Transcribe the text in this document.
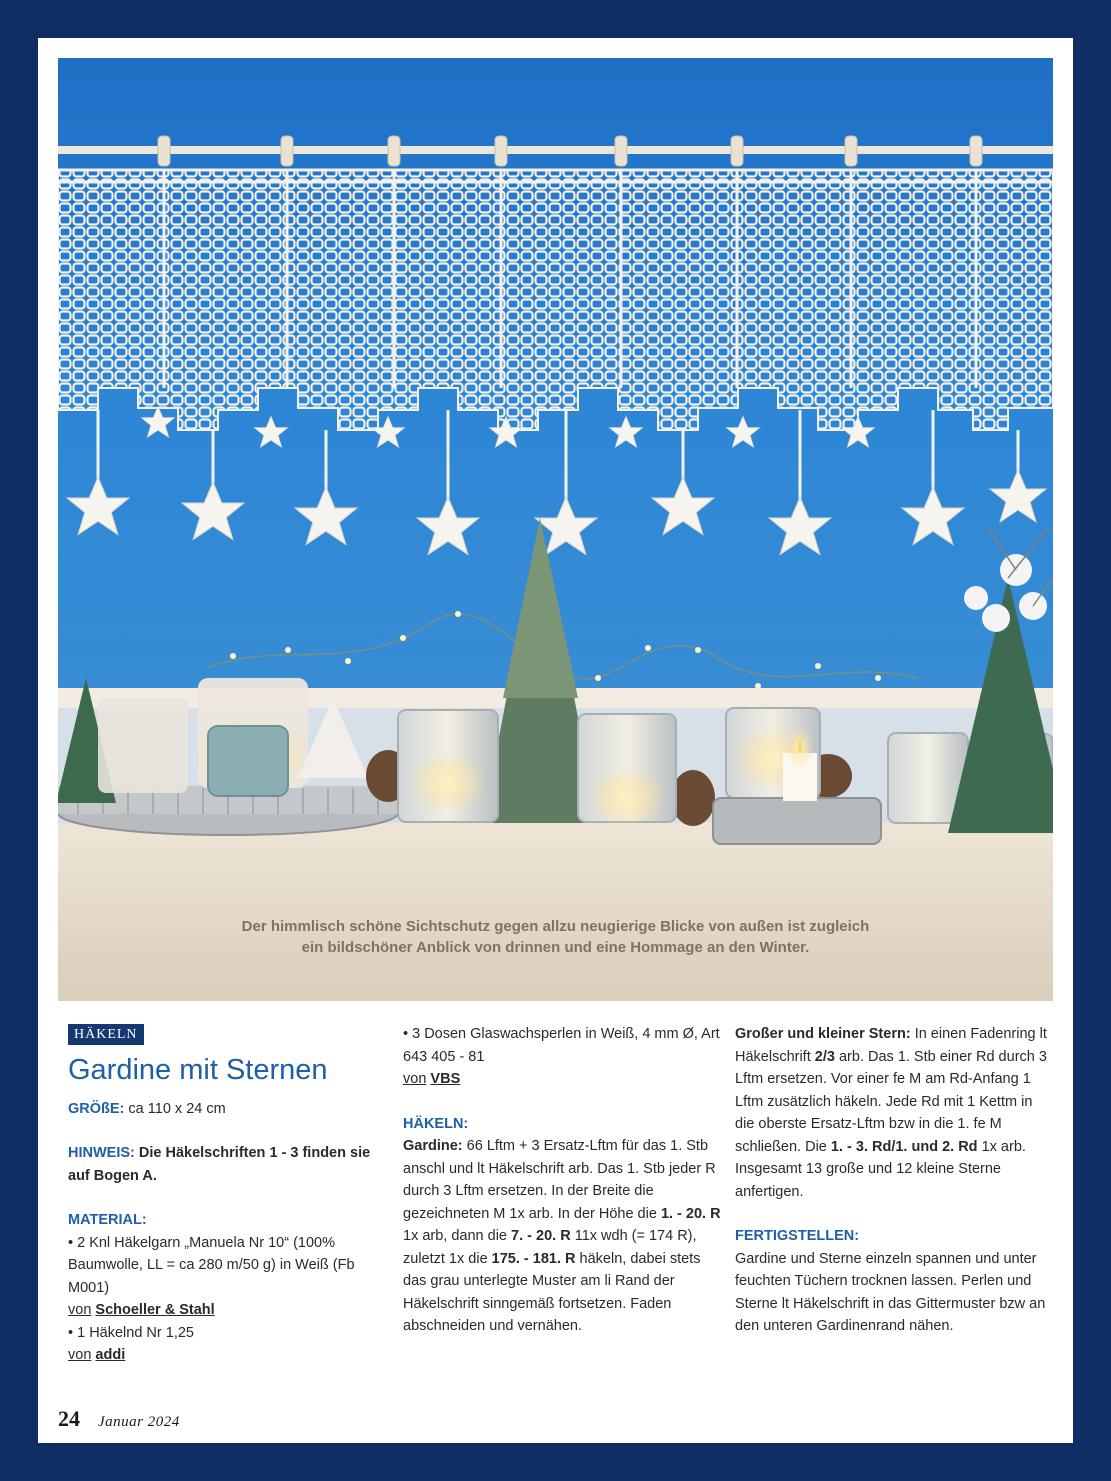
Der himmlisch schöne Sichtschutz gegen allzu neugierige Blicke von außen ist zugleich
ein bildschöner Anblick von drinnen und eine Hommage an den Winter.
HÄKELN
Gardine mit Sternen

GRÖßE: ca 110 x 24 cm

HINWEIS: Die Häkelschriften 1 - 3 finden sie auf Bogen A.

MATERIAL:

• 2 Knl Häkelgarn „Manuela Nr 10“ (100% Baumwolle, LL = ca 280 m/50 g) in Weiß (Fb M001)

von Schoeller & Stahl

• 1 Häkelnd Nr 1,25

von addi

• 3 Dosen Glaswachsperlen in Weiß, 4 mm Ø, Art 643 405 - 81

von VBS

HÄKELN:

Gardine: 66 Lftm + 3 Ersatz-Lftm für das 1. Stb anschl und lt Häkelschrift arb. Das 1. Stb jeder R durch 3 Lftm ersetzen. In der Breite die gezeichneten M 1x arb. In der Höhe die 1. - 20. R 1x arb, dann die 7. - 20. R 11x wdh (= 174 R), zuletzt 1x die 175. - 181. R häkeln, dabei stets das grau unterlegte Muster am li Rand der Häkelschrift sinngemäß fortsetzen. Faden abschneiden und vernähen.

Großer und kleiner Stern: In einen Fadenring lt Häkelschrift 2/3 arb. Das 1. Stb einer Rd durch 3 Lftm ersetzen. Vor einer fe M am Rd-Anfang 1 Lftm zusätzlich häkeln. Jede Rd mit 1 Kettm in die oberste Ersatz-Lftm bzw in die 1. fe M schließen. Die 1. - 3. Rd/1. und 2. Rd 1x arb.

Insgesamt 13 große und 12 kleine Sterne anfertigen.

FERTIGSTELLEN:

Gardine und Sterne einzeln spannen und unter feuchten Tüchern trocknen lassen. Perlen und Sterne lt Häkelschrift in das Gittermuster bzw an den unteren Gardinenrand nähen.

24 Januar 2024
